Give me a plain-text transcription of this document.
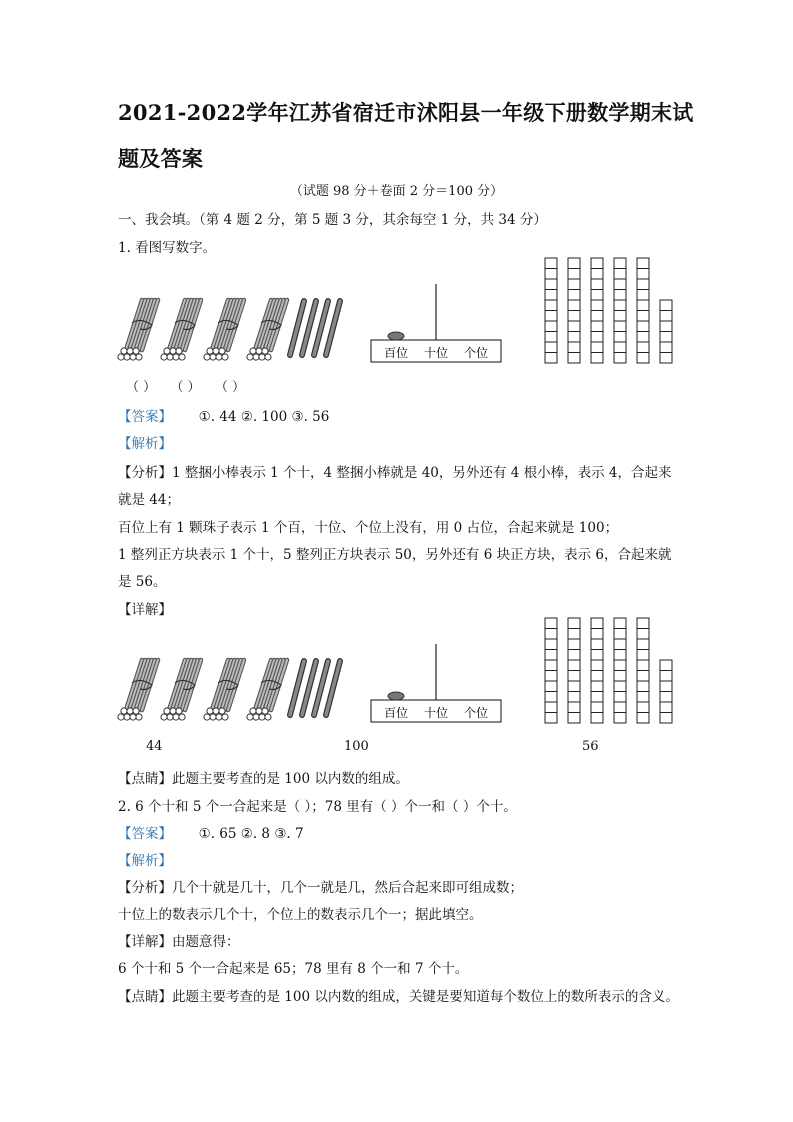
2021-2022学年江苏省宿迁市沭阳县一年级下册数学期末试
题及答案
（试题 98 分＋卷面 2 分＝100 分）
一、我会填。（第 4 题 2 分，第 5 题 3 分，其余每空 1 分，共 34 分）
1. 看图写数字。
百位 十位 个位
（ ） （ ） （ ）
【答案】 ①. 44 ②. 100 ③. 56
【解析】
【分析】1 整捆小棒表示 1 个十，4 整捆小棒就是 40，另外还有 4 根小棒，表示 4，合起来
就是 44；
百位上有 1 颗珠子表示 1 个百，十位、个位上没有，用 0 占位，合起来就是 100；
1 整列正方块表示 1 个十，5 整列正方块表示 50，另外还有 6 块正方块，表示 6，合起来就
是 56。
【详解】
百位 十位 个位
44	100	56
【点睛】此题主要考查的是 100 以内数的组成。
2. 6 个十和 5 个一合起来是（ ）；78 里有（ ）个一和（ ）个十。
【答案】 ①. 65 ②. 8 ③. 7
【解析】
【分析】几个十就是几十，几个一就是几，然后合起来即可组成数；
十位上的数表示几个十，个位上的数表示几个一；据此填空。
【详解】由题意得：
6 个十和 5 个一合起来是 65；78 里有 8 个一和 7 个十。
【点睛】此题主要考查的是 100 以内数的组成，关键是要知道每个数位上的数所表示的含义。
